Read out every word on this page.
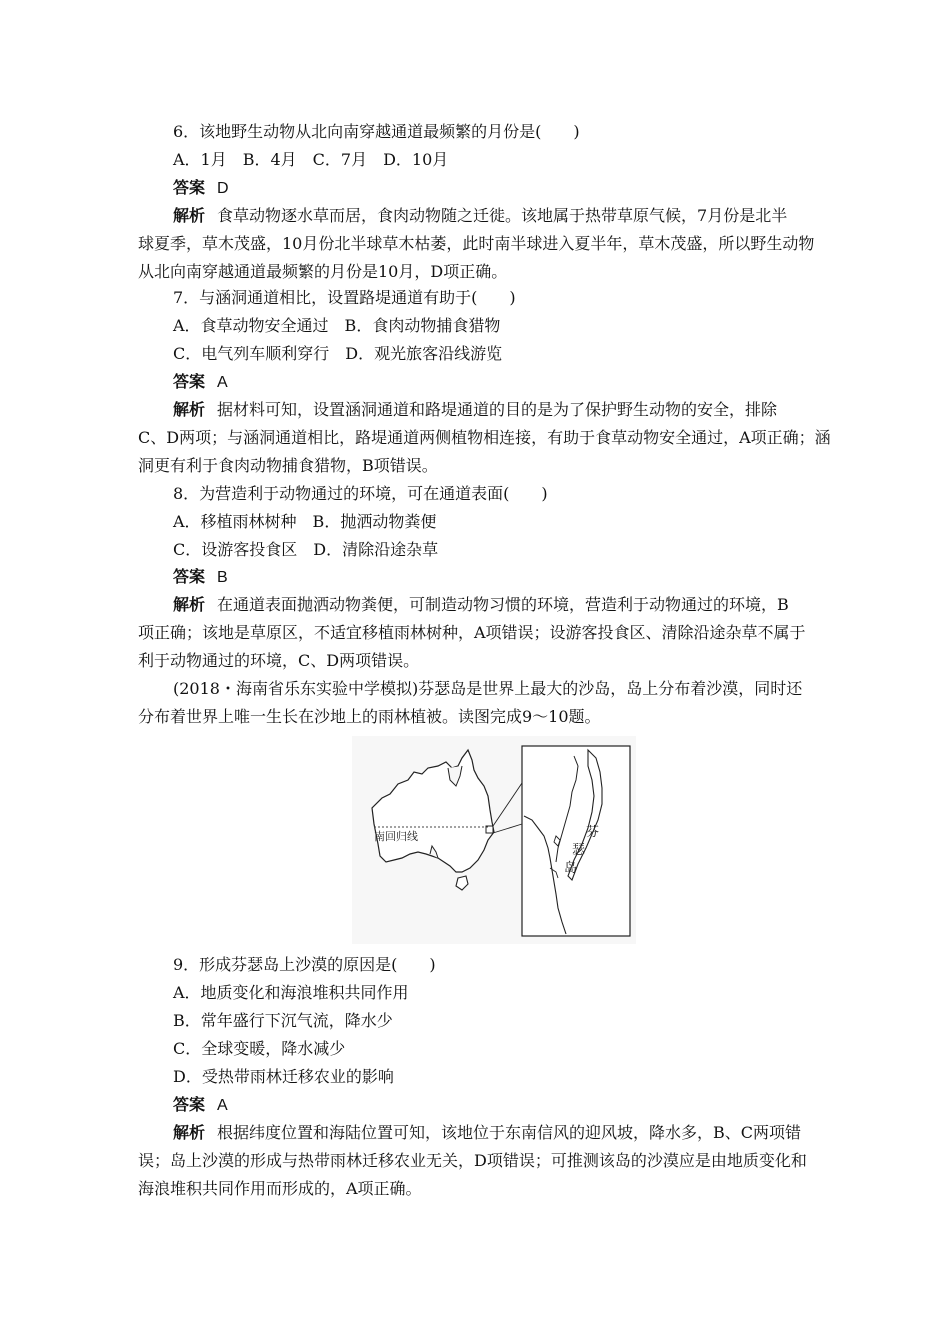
6．该地野生动物从北向南穿越通道最频繁的月份是(　　)
A．1月　B．4月　C．7月　D．10月
答案 D
解析 食草动物逐水草而居，食肉动物随之迁徙。该地属于热带草原气候，7月份是北半
球夏季，草木茂盛，10月份北半球草木枯萎，此时南半球进入夏半年，草木茂盛，所以野生动物
从北向南穿越通道最频繁的月份是10月，D项正确。
7．与涵洞通道相比，设置路堤通道有助于(　　)
A．食草动物安全通过　B．食肉动物捕食猎物
C．电气列车顺利穿行　D．观光旅客沿线游览
答案 A
解析 据材料可知，设置涵洞通道和路堤通道的目的是为了保护野生动物的安全，排除
C、D两项；与涵洞通道相比，路堤通道两侧植物相连接，有助于食草动物安全通过，A项正确；涵
洞更有利于食肉动物捕食猎物，B项错误。
8．为营造利于动物通过的环境，可在通道表面(　　)
A．移植雨林树种　B．抛洒动物粪便
C．设游客投食区　D．清除沿途杂草
答案 B
解析 在通道表面抛洒动物粪便，可制造动物习惯的环境，营造利于动物通过的环境，B
项正确；该地是草原区，不适宜移植雨林树种，A项错误；设游客投食区、清除沿途杂草不属于
利于动物通过的环境，C、D两项错误。
(2018・海南省乐东实验中学模拟)芬瑟岛是世界上最大的沙岛，岛上分布着沙漠，同时还
分布着世界上唯一生长在沙地上的雨林植被。读图完成9～10题。
南回归线	芬
瑟
岛
9．形成芬瑟岛上沙漠的原因是(　　)
A．地质变化和海浪堆积共同作用
B．常年盛行下沉气流，降水少
C．全球变暖，降水减少
D．受热带雨林迁移农业的影响
答案 A
解析 根据纬度位置和海陆位置可知，该地位于东南信风的迎风坡，降水多，B、C两项错
误；岛上沙漠的形成与热带雨林迁移农业无关，D项错误；可推测该岛的沙漠应是由地质变化和
海浪堆积共同作用而形成的，A项正确。
